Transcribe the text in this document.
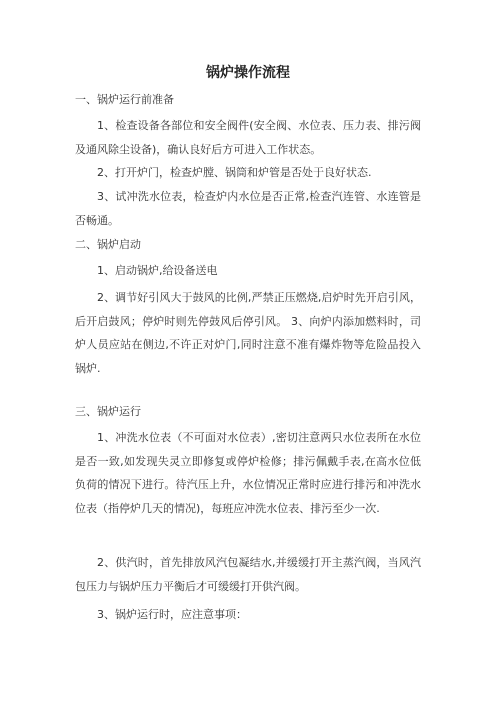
锅炉操作流程
一、锅炉运行前准备
1、检查设备各部位和安全阀件(安全阀、水位表、压力表、排污阀及通风除尘设备)，确认良好后方可进入工作状态。
2、打开炉门，检查炉膛、锅筒和炉管是否处于良好状态.
3、试冲洗水位表，检查炉内水位是否正常,检查汽连管、水连管是否畅通。
二、锅炉启动
1、启动锅炉,给设备送电
2、调节好引风大于鼓风的比例,严禁正压燃烧,启炉时先开启引风，后开启鼓风；停炉时则先停鼓风后停引风。 3、向炉内添加燃料时，司炉人员应站在侧边,不许正对炉门,同时注意不准有爆炸物等危险品投入锅炉.
三、锅炉运行
1、冲洗水位表（不可面对水位表）,密切注意两只水位表所在水位是否一致,如发现失灵立即修复或停炉检修；排污佩戴手表,在高水位低负荷的情况下进行。待汽压上升，水位情况正常时应进行排污和冲洗水位表（指停炉几天的情况)，每班应冲洗水位表、排污至少一次.
2、供汽时，首先排放风汽包凝结水,并缓缓打开主蒸汽阀，当风汽包压力与锅炉压力平衡后才可缓缓打开供汽阀。
3、锅炉运行时，应注意事项：
